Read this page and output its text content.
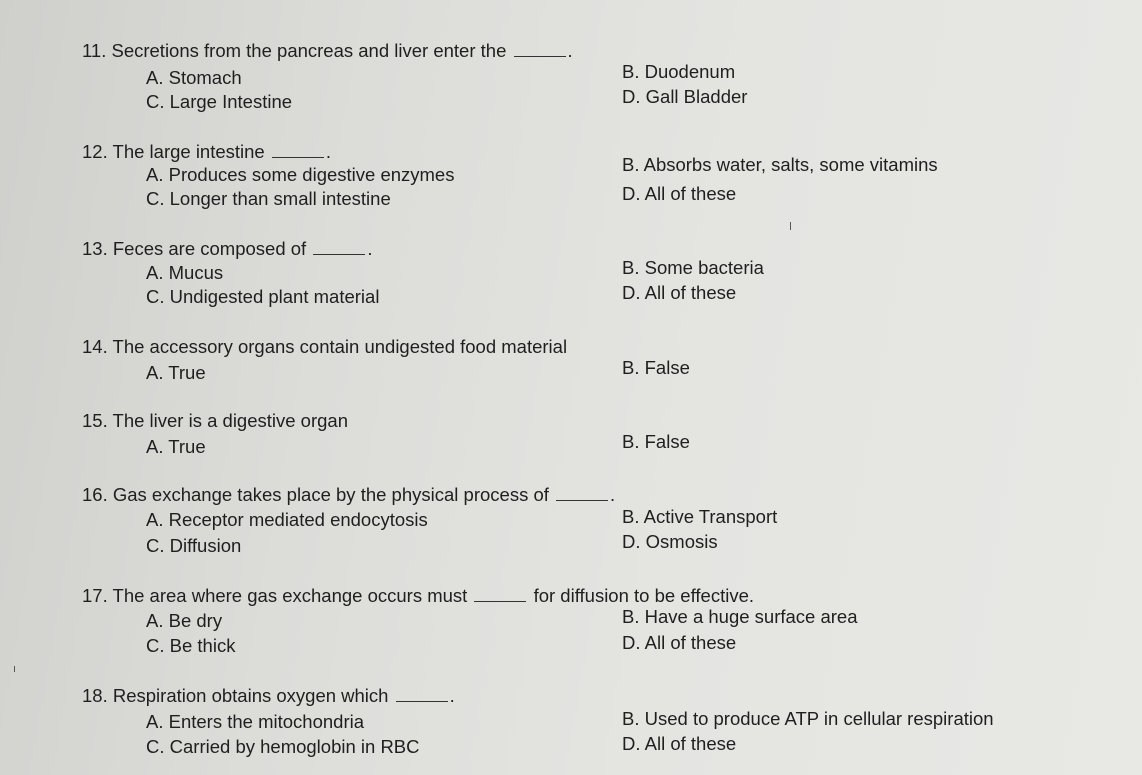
11. Secretions from the pancreas and liver enter the	.
A. Stomach	B. Duodenum
C. Large Intestine	D. Gall Bladder
12. The large intestine	.
A. Produces some digestive enzymes	B. Absorbs water, salts, some vitamins
C. Longer than small intestine	D. All of these
13. Feces are composed of	.
A. Mucus	B. Some bacteria
C. Undigested plant material	D. All of these
14. The accessory organs contain undigested food material
A. True	B. False
15. The liver is a digestive organ
A. True	B. False
16. Gas exchange takes place by the physical process of	.
A. Receptor mediated endocytosis	B. Active Transport
C. Diffusion	D. Osmosis
17. The area where gas exchange occurs must	for diffusion to be effective.
A. Be dry	B. Have a huge surface area
C. Be thick	D. All of these
18. Respiration obtains oxygen which	.
A. Enters the mitochondria	B. Used to produce ATP in cellular respiration
C. Carried by hemoglobin in RBC	D. All of these
